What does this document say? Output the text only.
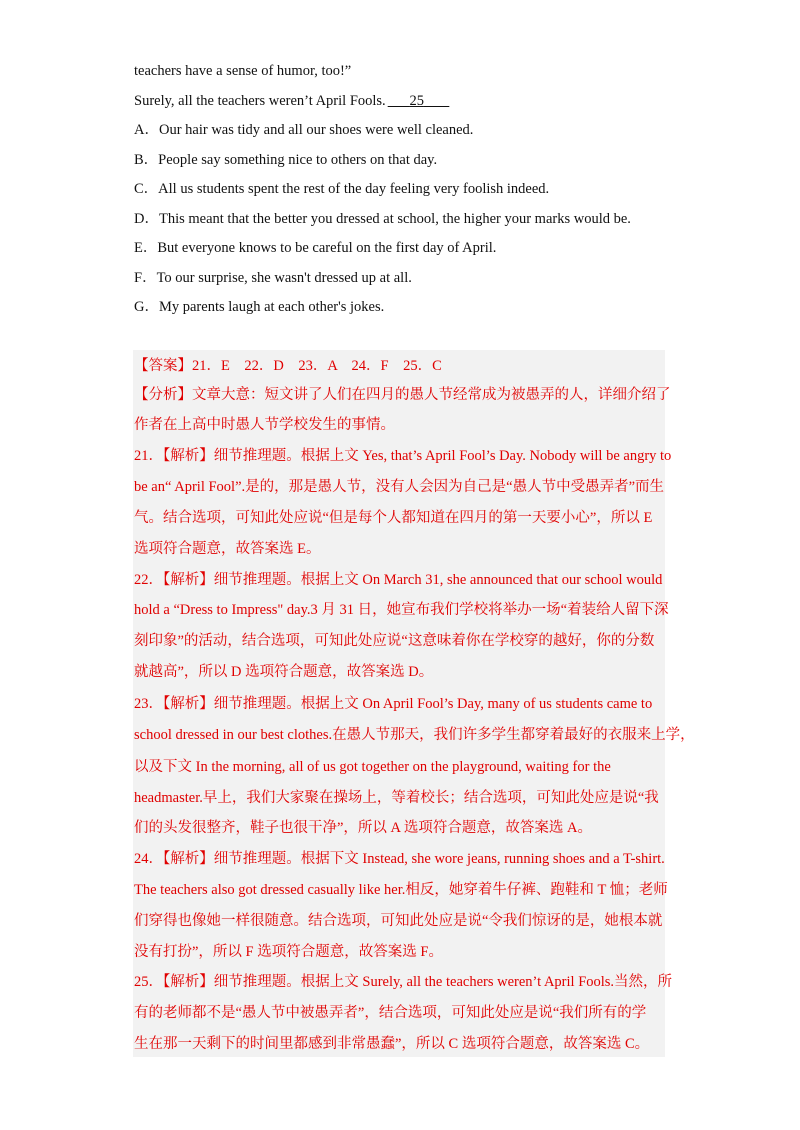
teachers have a sense of humor, too!”
Surely, all the teachers weren’t April Fools. 25
A．Our hair was tidy and all our shoes were well cleaned.
B．People say something nice to others on that day.
C．All us students spent the rest of the day feeling very foolish indeed.
D．This meant that the better you dressed at school, the higher your marks would be.
E．But everyone knows to be careful on the first day of April.
F．To our surprise, she wasn't dressed up at all.
G．My parents laugh at each other's jokes.
【答案】21．E　22．D　23．A　24．F　25．C
【分析】文章大意：短文讲了人们在四月的愚人节经常成为被愚弄的人，详细介绍了
作者在上高中时愚人节学校发生的事情。
21．【解析】细节推理题。根据上文 Yes, that’s April Fool’s Day. Nobody will be angry to
be an“ April Fool”.是的，那是愚人节，没有人会因为自己是“愚人节中受愚弄者”而生
气。结合选项，可知此处应说“但是每个人都知道在四月的第一天要小心”，所以 E
选项符合题意，故答案选 E。
22．【解析】细节推理题。根据上文 On March 31, she announced that our school would
hold a “Dress to Impress" day.3 月 31 日，她宣布我们学校将举办一场“着装给人留下深
刻印象”的活动，结合选项，可知此处应说“这意味着你在学校穿的越好，你的分数
就越高”，所以 D 选项符合题意，故答案选 D。
23．【解析】细节推理题。根据上文 On April Fool’s Day, many of us students came to
school dressed in our best clothes.在愚人节那天，我们许多学生都穿着最好的衣服来上学，
以及下文 In the morning, all of us got together on the playground, waiting for the
headmaster.早上，我们大家聚在操场上，等着校长；结合选项，可知此处应是说“我
们的头发很整齐，鞋子也很干净”，所以 A 选项符合题意，故答案选 A。
24．【解析】细节推理题。根据下文 Instead, she wore jeans, running shoes and a T-shirt.
The teachers also got dressed casually like her.相反，她穿着牛仔裤、跑鞋和 T 恤；老师
们穿得也像她一样很随意。结合选项，可知此处应是说“令我们惊讶的是，她根本就
没有打扮”，所以 F 选项符合题意，故答案选 F。
25．【解析】细节推理题。根据上文 Surely, all the teachers weren’t April Fools.当然，所
有的老师都不是“愚人节中被愚弄者”，结合选项，可知此处应是说“我们所有的学
生在那一天剩下的时间里都感到非常愚蠢”，所以 C 选项符合题意，故答案选 C。
